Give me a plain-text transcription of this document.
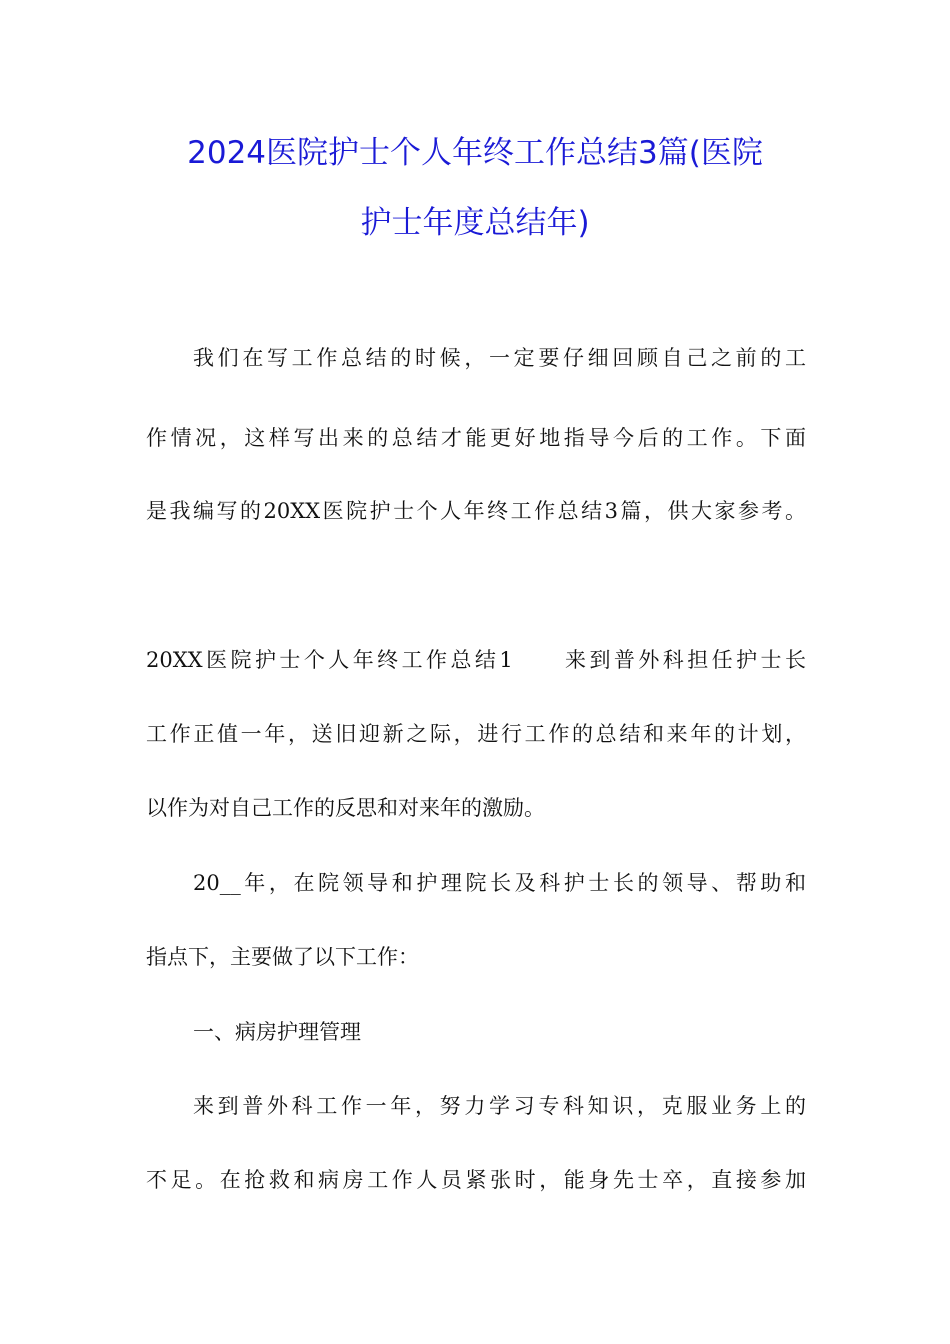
2024医院护士个人年终工作总结3篇(医院
护士年度总结年)

我们在写工作总结的时候，一定要仔细回顾自己之前的工

作情况，这样写出来的总结才能更好地指导今后的工作。下面

是我编写的20XX医院护士个人年终工作总结3篇，供大家参考。

20XX医院护士个人年终工作总结1　　来到普外科担任护士长

工作正值一年，送旧迎新之际，进行工作的总结和来年的计划，

以作为对自己工作的反思和对来年的激励。

20__年，在院领导和护理院长及科护士长的领导、帮助和

指点下，主要做了以下工作：

一、病房护理管理

来到普外科工作一年，努力学习专科知识，克服业务上的

不足。在抢救和病房工作人员紧张时，能身先士卒，直接参加
